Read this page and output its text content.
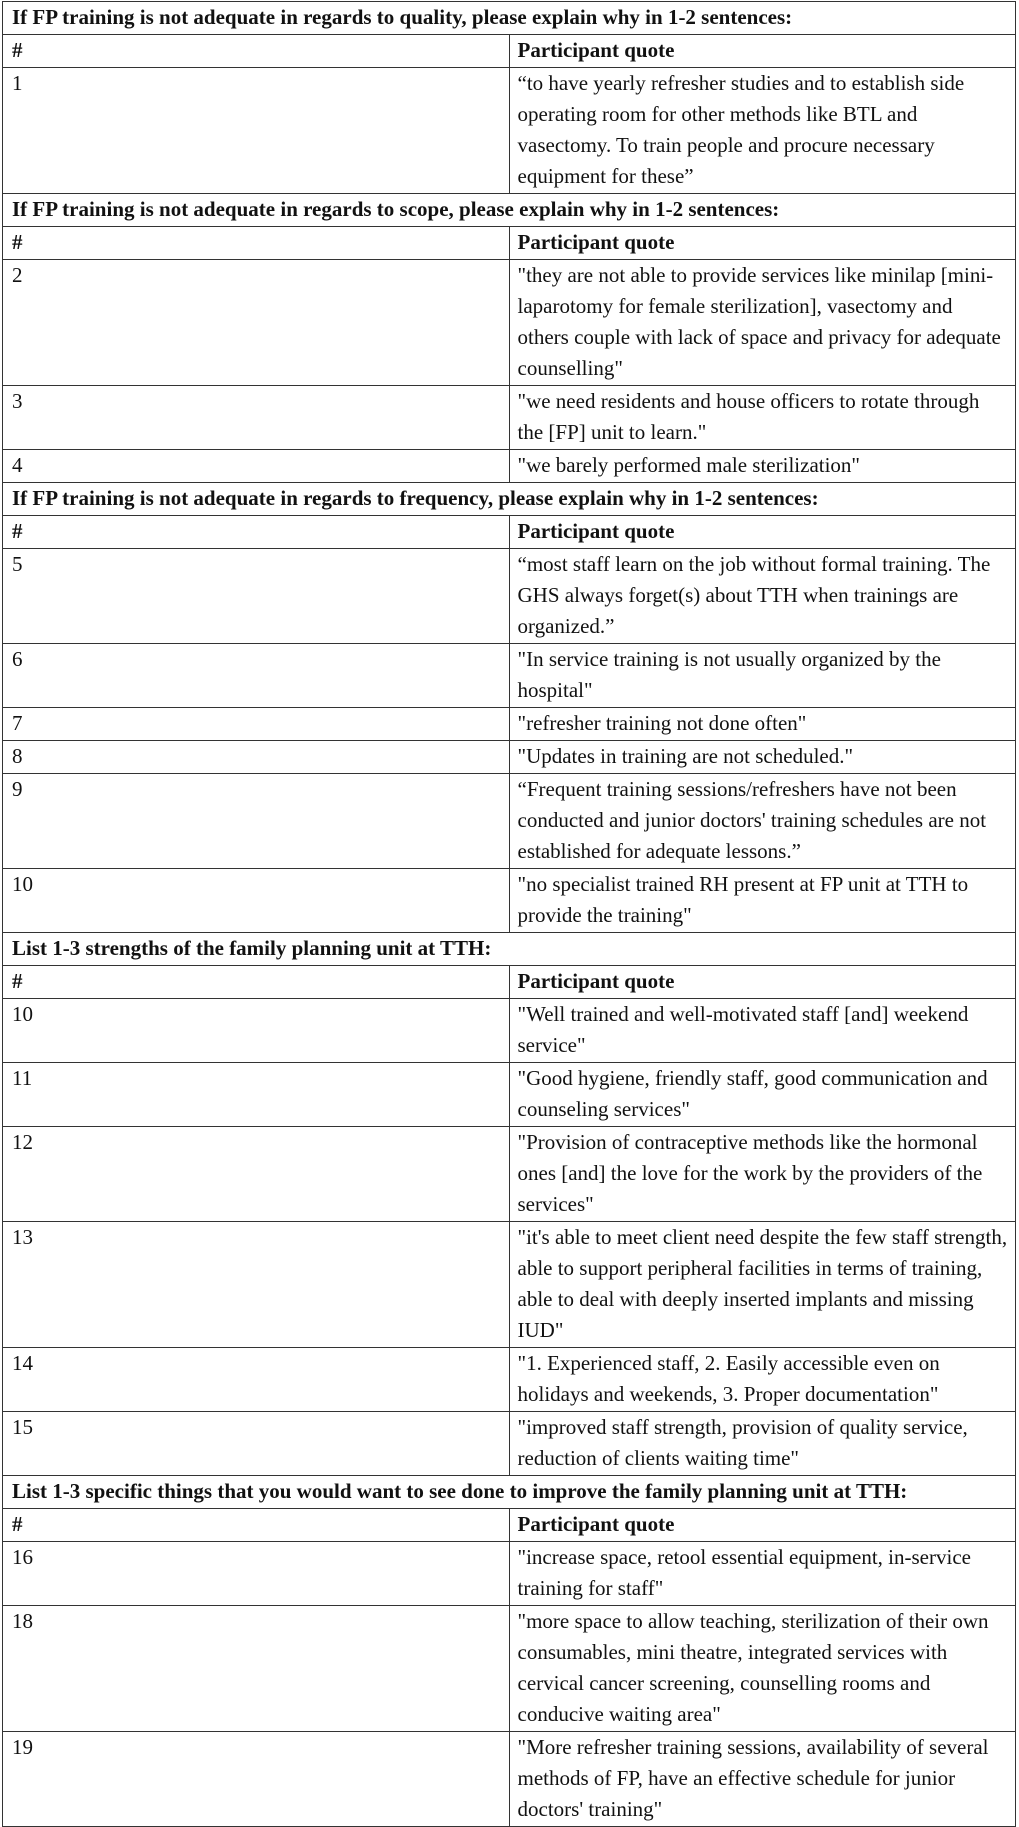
If FP training is not adequate in regards to quality, please explain why in 1-2 sentences:	
#	Participant quote
1	“to have yearly refresher studies and to establish side operating room for other methods like BTL and vasectomy. To train people and procure necessary equipment for these”
If FP training is not adequate in regards to scope, please explain why in 1-2 sentences:	
#	Participant quote
2	"they are not able to provide services like minilap [mini-laparotomy for female sterilization], vasectomy and others couple with lack of space and privacy for adequate counselling"
3	"we need residents and house officers to rotate through the [FP] unit to learn."
4	"we barely performed male sterilization"
If FP training is not adequate in regards to frequency, please explain why in 1-2 sentences:	
#	Participant quote
5	“most staff learn on the job without formal training. The GHS always forget(s) about TTH when trainings are organized.”
6	"In service training is not usually organized by the hospital"
7	"refresher training not done often"
8	"Updates in training are not scheduled."
9	“Frequent training sessions/refreshers have not been conducted and junior doctors' training schedules are not established for adequate lessons.”
10	"no specialist trained RH present at FP unit at TTH to provide the training"
List 1-3 strengths of the family planning unit at TTH:	
#	Participant quote
10	"Well trained and well-motivated staff [and] weekend service"
11	"Good hygiene, friendly staff, good communication and counseling services"
12	"Provision of contraceptive methods like the hormonal ones [and] the love for the work by the providers of the services"
13	"it's able to meet client need despite the few staff strength, able to support peripheral facilities in terms of training, able to deal with deeply inserted implants and missing IUD"
14	"1. Experienced staff, 2. Easily accessible even on holidays and weekends, 3. Proper documentation"
15	"improved staff strength, provision of quality service, reduction of clients waiting time"
List 1-3 specific things that you would want to see done to improve the family planning unit at TTH:	
#	Participant quote
16	"increase space, retool essential equipment, in-service training for staff"
18	"more space to allow teaching, sterilization of their own consumables, mini theatre, integrated services with cervical cancer screening, counselling rooms and conducive waiting area"
19	"More refresher training sessions, availability of several methods of FP, have an effective schedule for junior doctors' training"
